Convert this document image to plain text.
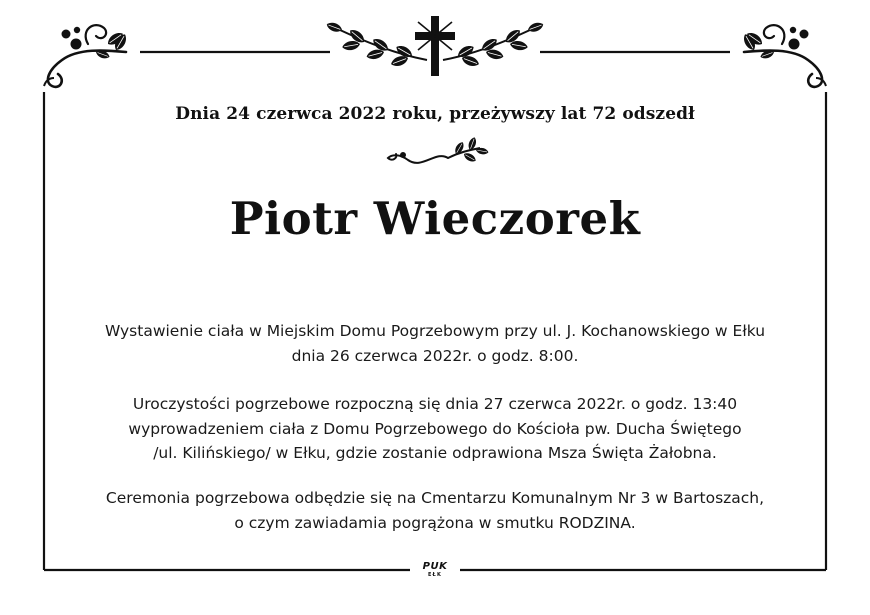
Dnia 24 czerwca 2022 roku, przeżywszy lat 72 odszedł
Piotr Wieczorek
Wystawienie ciała w Miejskim Domu Pogrzebowym przy ul. J. Kochanowskiego w Ełku
dnia 26 czerwca 2022r. o godz. 8:00.
Uroczystości pogrzebowe rozpoczną się dnia 27 czerwca 2022r. o godz. 13:40
wyprowadzeniem ciała z Domu Pogrzebowego do Kościoła pw. Ducha Świętego
/ul. Kilińskiego/ w Ełku, gdzie zostanie odprawiona Msza Święta Żałobna.
Ceremonia pogrzebowa odbędzie się na Cmentarzu Komunalnym Nr 3 w Bartoszach,
o czym zawiadamia pogrążona w smutku RODZINA.
PUK
EŁK
